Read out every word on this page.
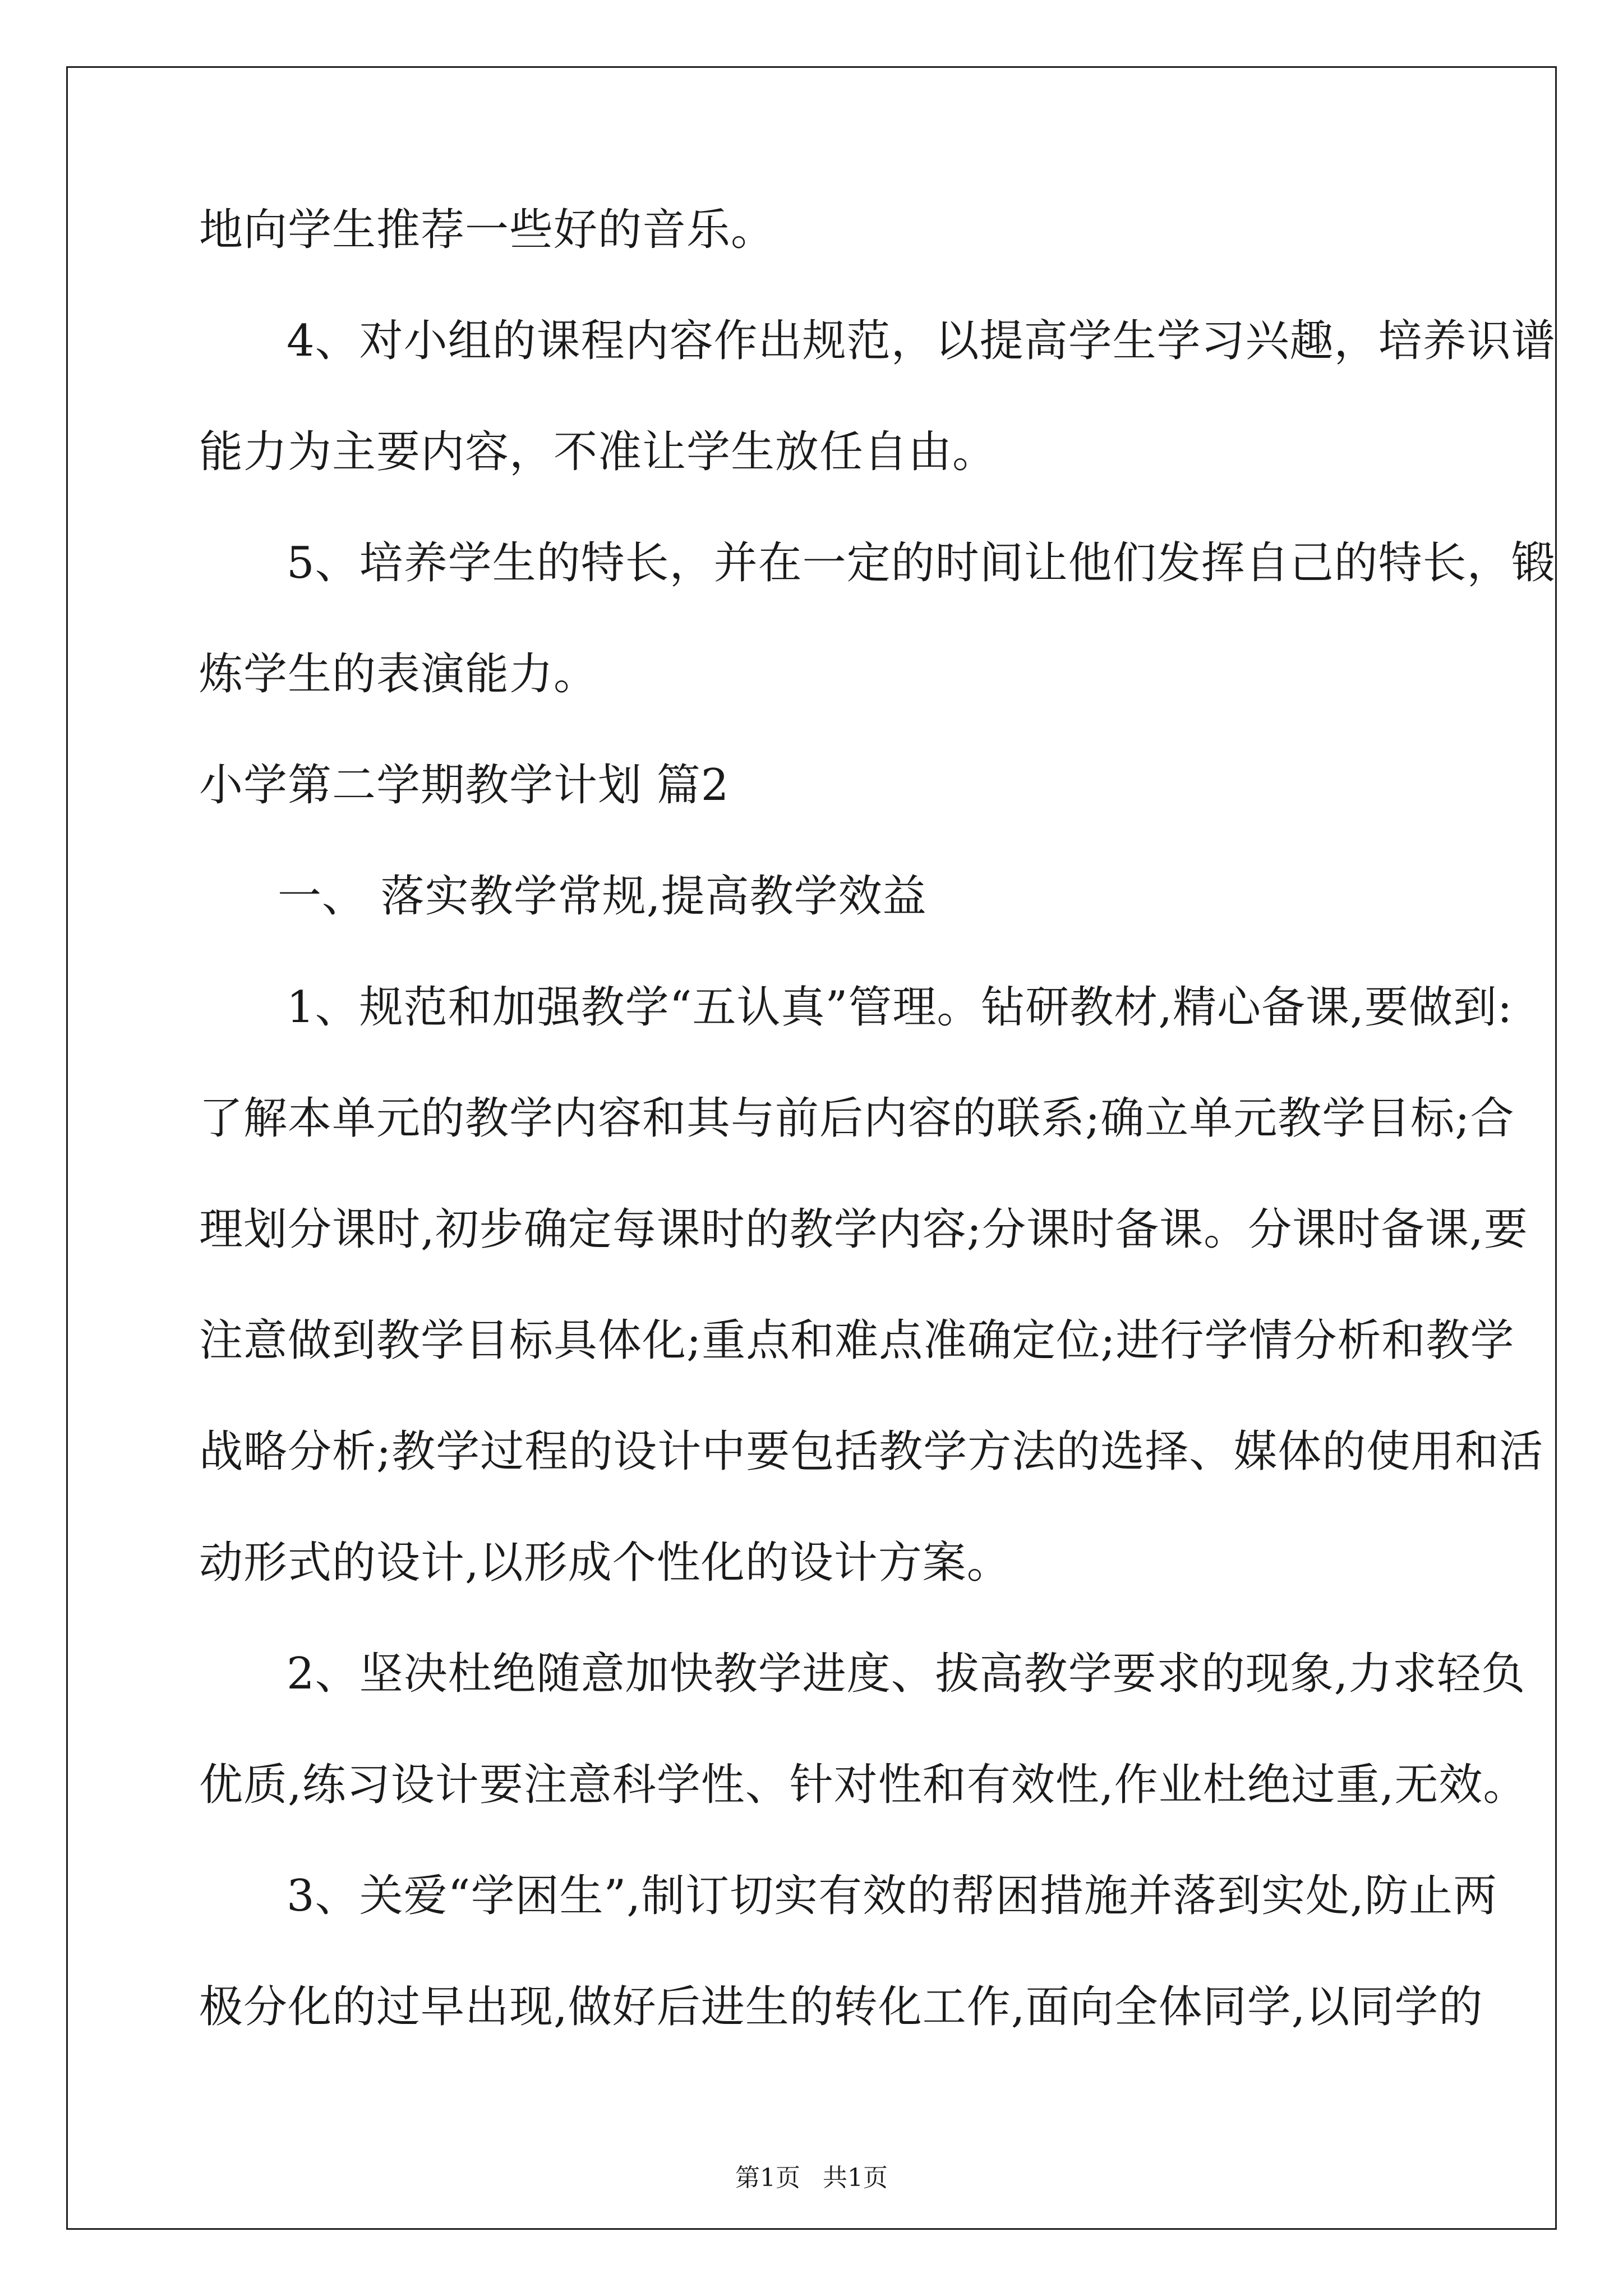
地向学生推荐一些好的音乐。
4、对小组的课程内容作出规范，以提高学生学习兴趣，培养识谱
能力为主要内容，不准让学生放任自由。
5、培养学生的特长，并在一定的时间让他们发挥自己的特长，锻
炼学生的表演能力。
小学第二学期教学计划 篇2
一、 落实教学常规,提高教学效益
1、规范和加强教学“五认真”管理。钻研教材,精心备课,要做到:
了解本单元的教学内容和其与前后内容的联系;确立单元教学目标;合
理划分课时,初步确定每课时的教学内容;分课时备课。分课时备课,要
注意做到教学目标具体化;重点和难点准确定位;进行学情分析和教学
战略分析;教学过程的设计中要包括教学方法的选择、媒体的使用和活
动形式的设计,以形成个性化的设计方案。
2、坚决杜绝随意加快教学进度、拔高教学要求的现象,力求轻负
优质,练习设计要注意科学性、针对性和有效性,作业杜绝过重,无效。
3、关爱“学困生”,制订切实有效的帮困措施并落到实处,防止两
极分化的过早出现,做好后进生的转化工作,面向全体同学,以同学的
第1页 共1页
